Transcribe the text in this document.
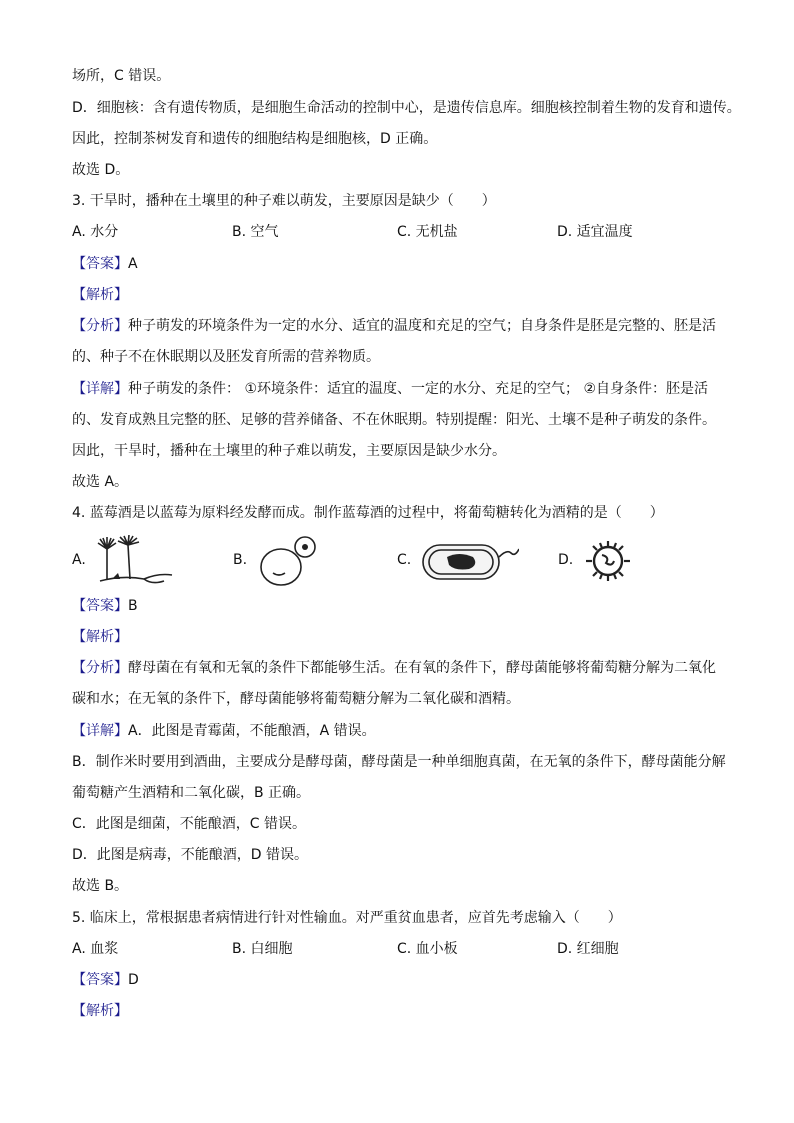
场所，C 错误。
D．细胞核：含有遗传物质，是细胞生命活动的控制中心，是遗传信息库。细胞核控制着生物的发育和遗传。
因此，控制茶树发育和遗传的细胞结构是细胞核，D 正确。
故选 D。
3. 干旱时，播种在土壤里的种子难以萌发，主要原因是缺少（　　）
A. 水分	B. 空气	C. 无机盐	D. 适宜温度
【答案】A
【解析】
【分析】种子萌发的环境条件为一定的水分、适宜的温度和充足的空气；自身条件是胚是完整的、胚是活
的、种子不在休眠期以及胚发育所需的营养物质。
【详解】种子萌发的条件： ①环境条件：适宜的温度、一定的水分、充足的空气； ②自身条件：胚是活
的、发育成熟且完整的胚、足够的营养储备、不在休眠期。特别提醒：阳光、土壤不是种子萌发的条件。
因此，干旱时，播种在土壤里的种子难以萌发，主要原因是缺少水分。
故选 A。
4. 蓝莓酒是以蓝莓为原料经发酵而成。制作蓝莓酒的过程中，将葡萄糖转化为酒精的是（　　）
A.	B.	C.	D.
【答案】B
【解析】
【分析】酵母菌在有氧和无氧的条件下都能够生活。在有氧的条件下，酵母菌能够将葡萄糖分解为二氧化
碳和水；在无氧的条件下，酵母菌能够将葡萄糖分解为二氧化碳和酒精。
【详解】A．此图是青霉菌，不能酿酒，A 错误。
B．制作米时要用到酒曲，主要成分是酵母菌，酵母菌是一种单细胞真菌，在无氧的条件下，酵母菌能分解
葡萄糖产生酒精和二氧化碳，B 正确。
C．此图是细菌，不能酿酒，C 错误。
D．此图是病毒，不能酿酒，D 错误。
故选 B。
5. 临床上，常根据患者病情进行针对性输血。对严重贫血患者，应首先考虑输入（　　）
A. 血浆	B. 白细胞	C. 血小板	D. 红细胞
【答案】D
【解析】
